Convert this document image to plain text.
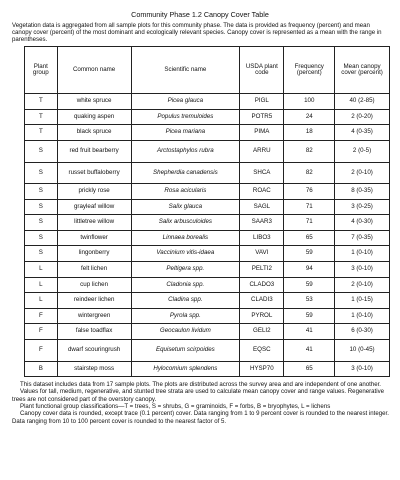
Community Phase 1.2 Canopy Cover Table
Vegetation data is aggregated from all sample plots for this community phase. The data is provided as frequency (percent) and mean canopy cover (percent) of the most dominant and ecologically relevant species. Canopy cover is represented as a mean with the range in parentheses.
Plant group	Common name	Scientific name	USDA plant code	Frequency (percent)	Mean canopy cover (percent)
T	white spruce	Picea glauca	PIGL	100	40 (2-85)
T	quaking aspen	Populus tremuloides	POTR5	24	2 (0-20)
T	black spruce	Picea mariana	PIMA	18	4 (0-35)
S	red fruit bearberry	Arctostaphylos rubra	ARRU	82	2 (0-5)
S	russet buffaloberry	Shepherdia canadensis	SHCA	82	2 (0-10)
S	prickly rose	Rosa acicularis	ROAC	76	8 (0-35)
S	grayleaf willow	Salix glauca	SAGL	71	3 (0-25)
S	littletree willow	Salix arbusculoides	SAAR3	71	4 (0-30)
S	twinflower	Linnaea borealis	LIBO3	65	7 (0-35)
S	lingonberry	Vaccinium vitis-idaea	VAVI	59	1 (0-10)
L	felt lichen	Peltigera spp.	PELTI2	94	3 (0-10)
L	cup lichen	Cladonia spp.	CLADO3	59	2 (0-10)
L	reindeer lichen	Cladina spp.	CLADI3	53	1 (0-15)
F	wintergreen	Pyrola spp.	PYROL	59	1 (0-10)
F	false toadflax	Geocaulon lividum	GELI2	41	6 (0-30)
F	dwarf scouringrush	Equisetum scirpoides	EQSC	41	10 (0-45)
B	stairstep moss	Hylocomium splendens	HYSP70	65	3 (0-10)

This dataset includes data from 17 sample plots. The plots are distributed across the survey area and are independent of one another.

Values for tall, medium, regenerative, and stunted tree strata are used to calculate mean canopy cover and range values. Regenerative trees are not considered part of the overstory canopy.

Plant functional group classifications—T = trees, S = shrubs, G = graminoids, F = forbs, B = bryophytes, L = lichens

Canopy cover data is rounded, except trace (0.1 percent) cover. Data ranging from 1 to 9 percent cover is rounded to the nearest integer. Data ranging from 10 to 100 percent cover is rounded to the nearest factor of 5.
